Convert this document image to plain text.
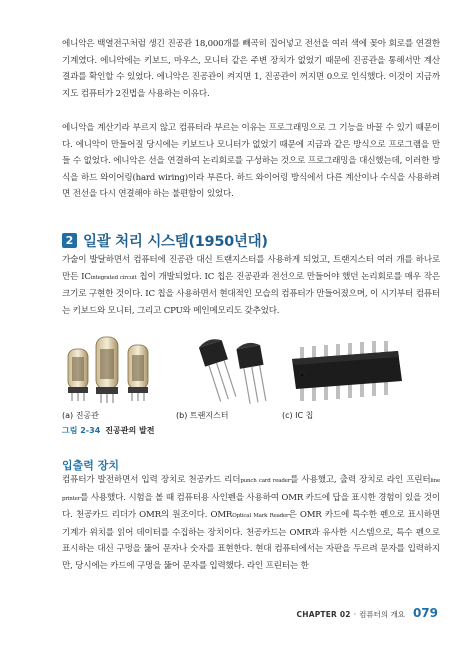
에니악은 백열전구처럼 생긴 진공관 18,000개를 빼곡히 집어넣고 전선을 여러 색에 꽂아 회로를 연결한 기계였다. 에니악에는 키보드, 마우스, 모니터 같은 주변 장치가 없었기 때문에 진공관을 통해서만 계산 결과를 확인할 수 있었다. 에니악은 진공관이 켜지면 1, 진공관이 꺼지면 0으로 인식했다. 이것이 지금까지도 컴퓨터가 2진법을 사용하는 이유다.

에니악을 계산기라 부르지 않고 컴퓨터라 부르는 이유는 프로그래밍으로 그 기능을 바꿀 수 있기 때문이다. 에니악이 만들어질 당시에는 키보드나 모니터가 없었기 때문에 지금과 같은 방식으로 프로그램을 만들 수 없었다. 에니악은 선을 연결하여 논리회로를 구성하는 것으로 프로그래밍을 대신했는데, 이러한 방식을 하드 와이어링(hard wiring)이라 부른다. 하드 와이어링 방식에서 다른 계산이나 수식을 사용하려면 전선을 다시 연결해야 하는 불편함이 있었다.

2 일괄 처리 시스템(1950년대)

가술이 발달하면서 컴퓨터에 진공관 대신 트랜지스터를 사용하게 되었고, 트랜지스터 여러 개를 하나로 만든 ICintegrated circuit 칩이 개발되었다. IC 칩은 진공관과 전선으로 만들어야 했던 논리회로를 매우 작은 크기로 구현한 것이다. IC 칩을 사용하면서 현대적인 모습의 컴퓨터가 만들어졌으며, 이 시기부터 컴퓨터는 키보드와 모니터, 그리고 CPU와 메인메모리도 갖추었다.

(a) 진공관	(b) 트랜지스터	(c) IC 칩
그림 2-34 진공관의 발전
입출력 장치

컴퓨터가 발전하면서 입력 장치로 천공카드 리더punch card reader를 사용했고, 출력 장치로 라인 프린터line printer를 사용했다. 시험을 볼 때 컴퓨터용 사인펜을 사용하여 OMR 카드에 답을 표시한 경험이 있을 것이다. 천공카드 리더가 OMR의 원조이다. OMROptical Mark Reader은 OMR 카드에 특수한 펜으로 표시하면 기계가 위치를 읽어 데이터를 수집하는 장치이다. 천공카드는 OMR과 유사한 시스템으로, 특수 펜으로 표시하는 대신 구멍을 뚫어 문자나 숫자를 표현한다. 현대 컴퓨터에서는 자판을 두르려 문자를 입력하지만, 당시에는 카드에 구멍을 뚫어 문자를 입력했다. 라인 프린터는 한

CHAPTER 02 · 컴퓨터의 개요 079
